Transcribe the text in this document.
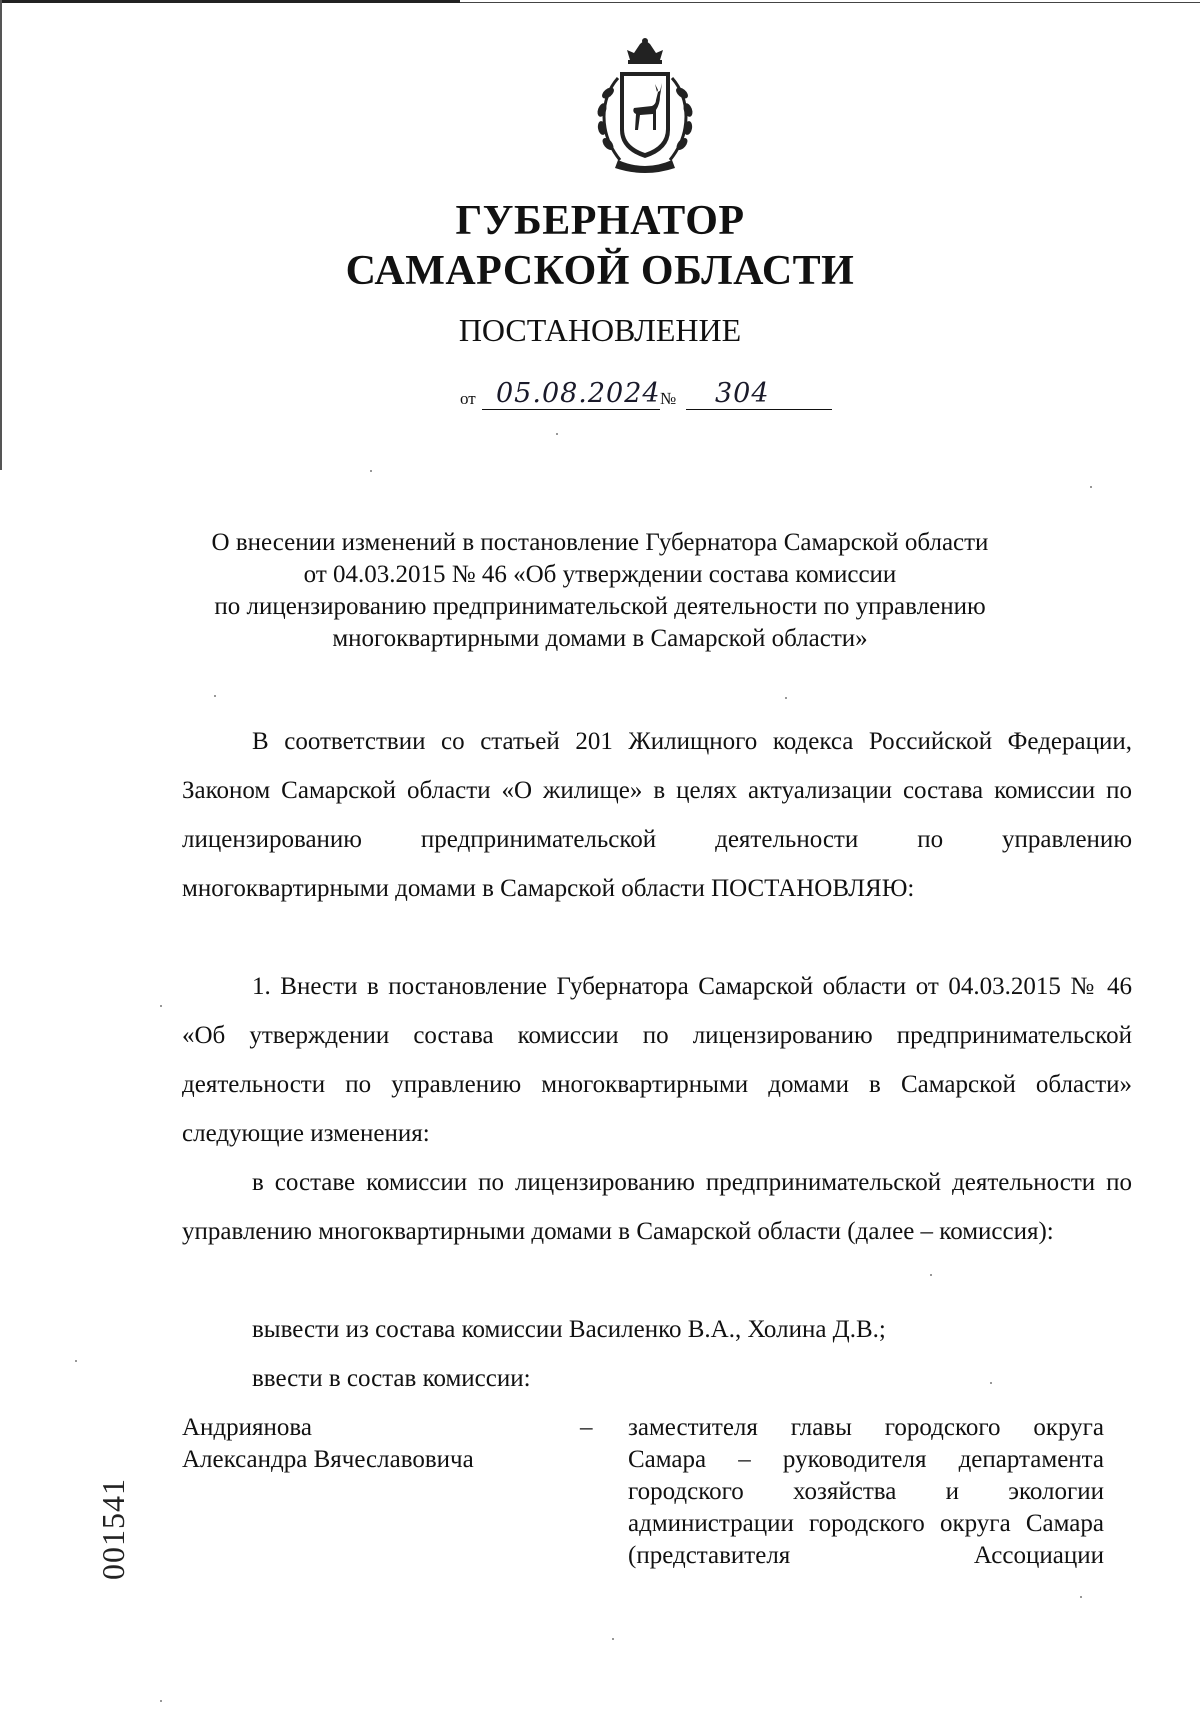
ГУБЕРНАТОР
САМАРСКОЙ ОБЛАСТИ
ПОСТАНОВЛЕНИЕ
от 05.08.2024 № 304
О внесении изменений в постановление Губернатора Самарской области
от 04.03.2015 № 46 «Об утверждении состава комиссии
по лицензированию предпринимательской деятельности по управлению
многоквартирными домами в Самарской области»
В соответствии со статьей 201 Жилищного кодекса Российской Федерации, Законом Самарской области «О жилище» в целях актуализации состава комиссии по лицензированию предпринимательской деятельности по управлению многоквартирными домами в Самарской области ПОСТАНОВЛЯЮ:
1. Внести в постановление Губернатора Самарской области от 04.03.2015 № 46 «Об утверждении состава комиссии по лицензированию предпринимательской деятельности по управлению многоквартирными домами в Самарской области» следующие изменения:
в составе комиссии по лицензированию предпринимательской деятельности по управлению многоквартирными домами в Самарской области (далее – комиссия):
вывести из состава комиссии Василенко В.А., Холина Д.В.;
ввести в состав комиссии:
Андриянова
Александра Вячеславовича
– заместителя главы городского округа Самара – руководителя департамента городского хозяйства и экологии администрации городского округа Самара (представителя Ассоциации
001541
